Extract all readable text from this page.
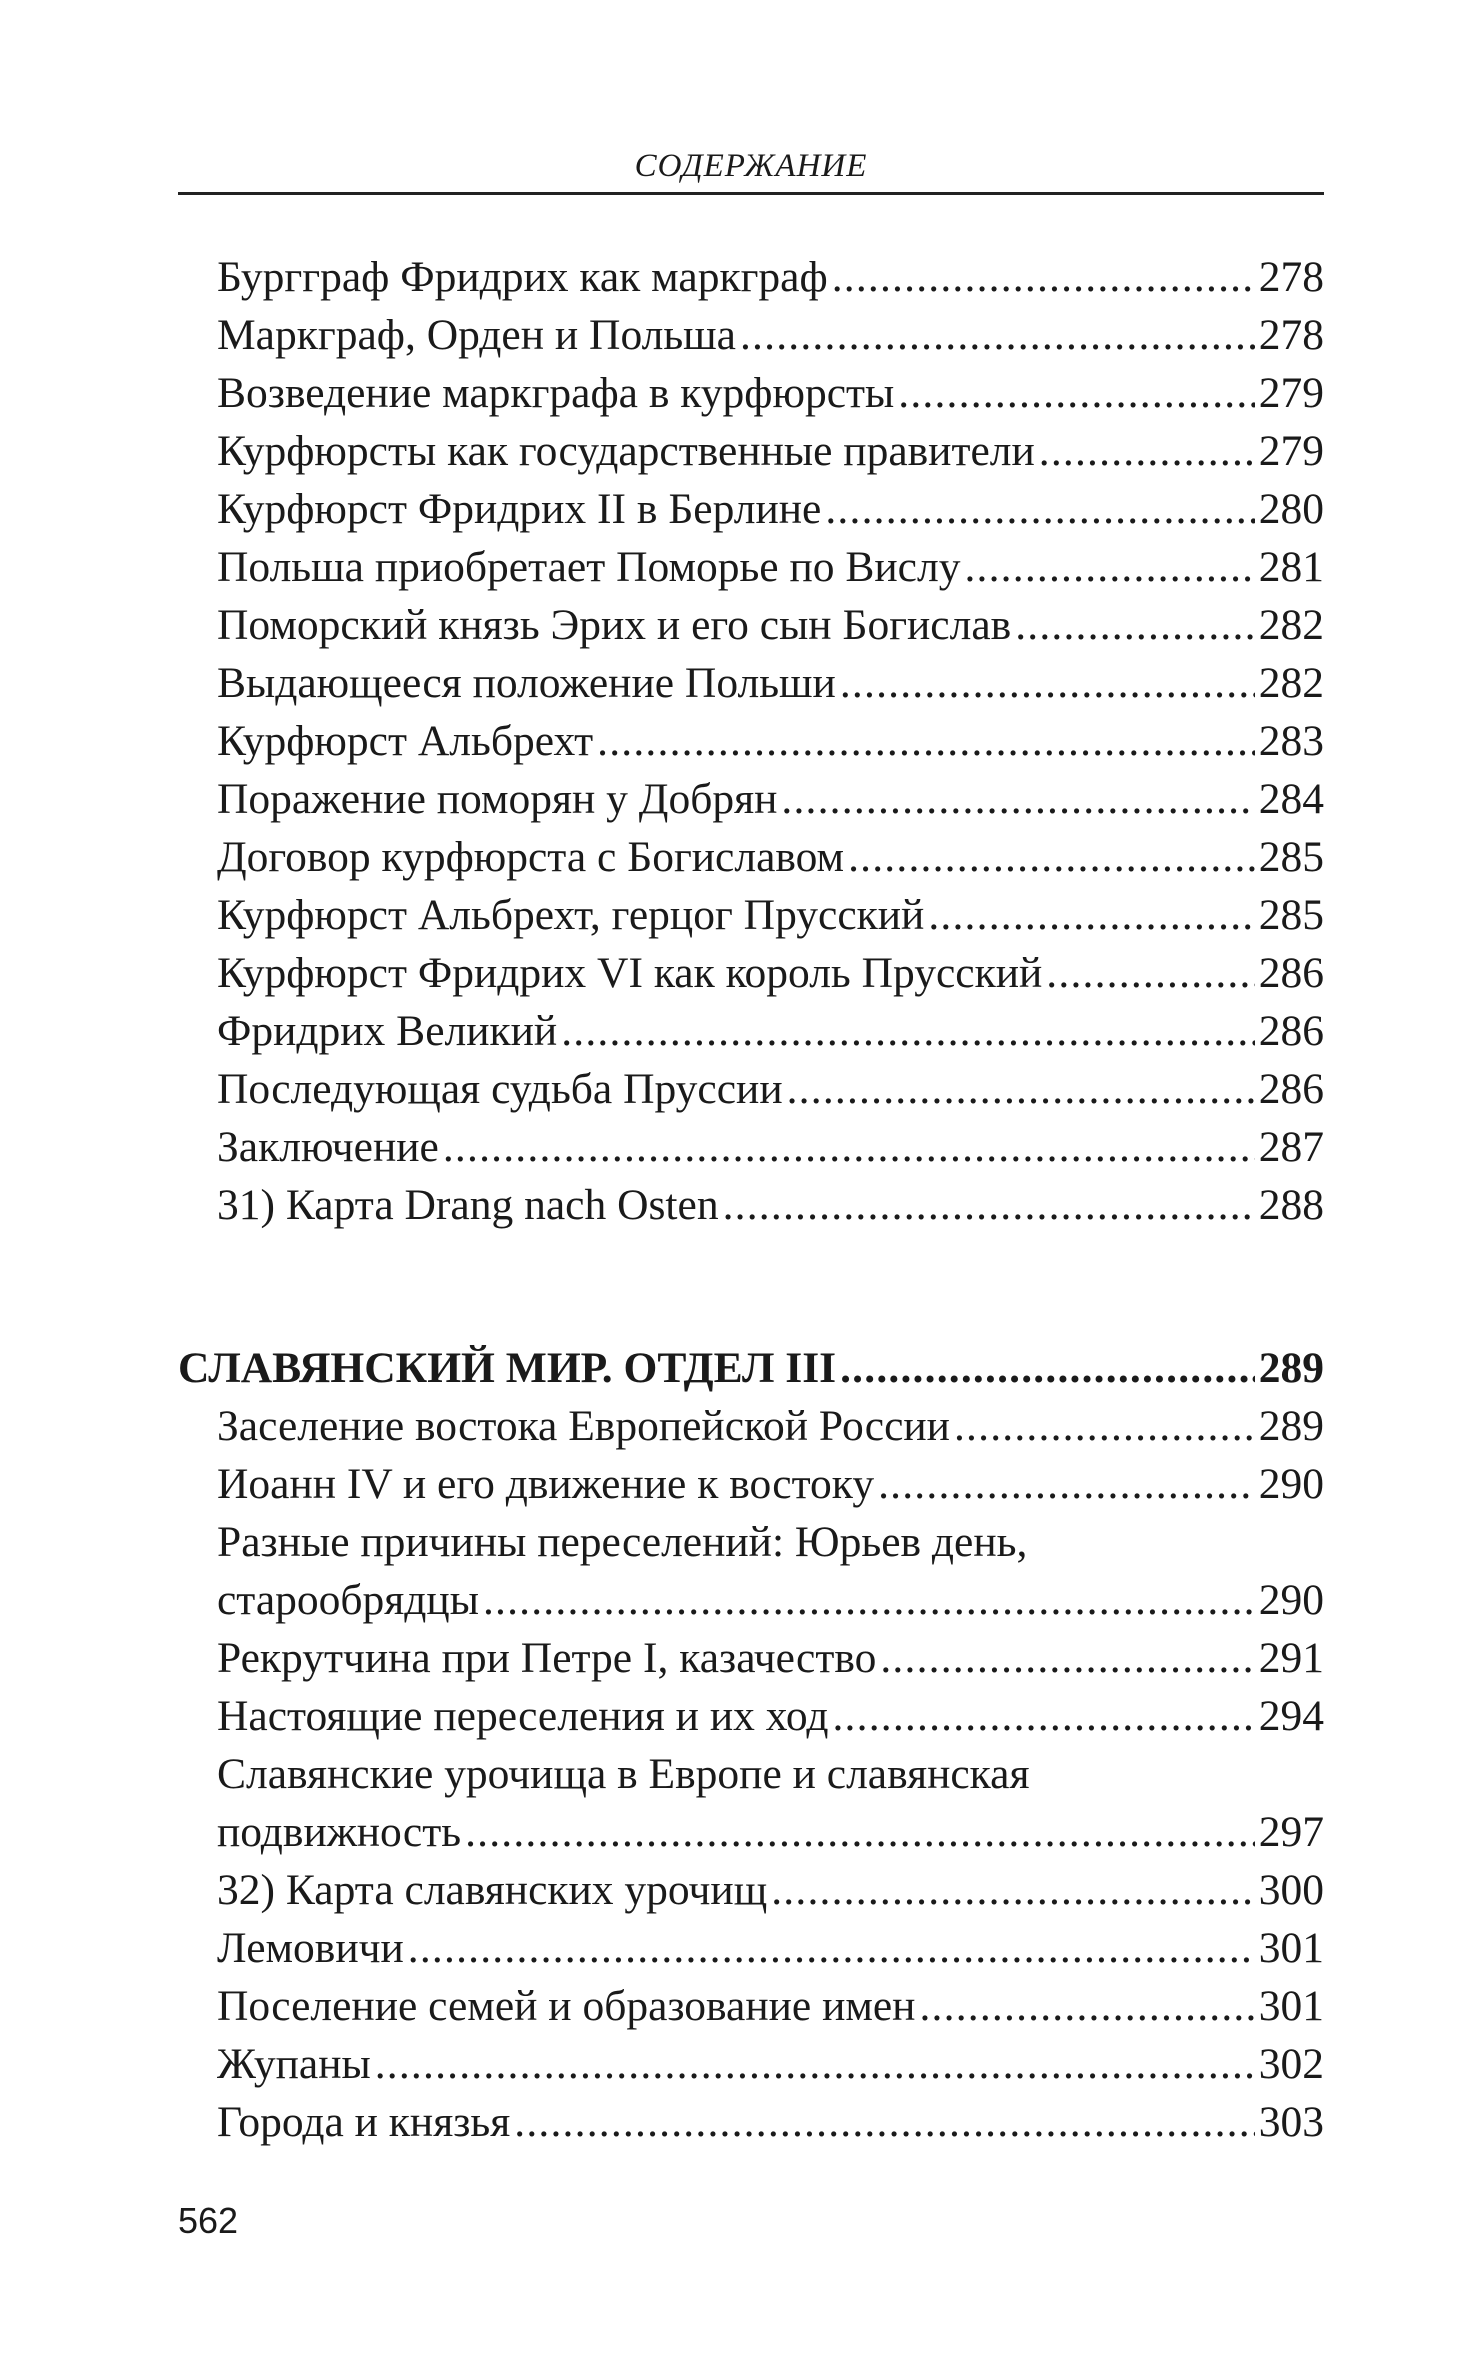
СОДЕРЖАНИЕ
Бургграф Фридрих как маркграф .....	278
Маркграф, Орден и Польша .....	278
Возведение маркграфа в курфюрсты .....	279
Курфюрсты как государственные правители .....	279
Курфюрст Фридрих II в Берлине .....	280
Польша приобретает Поморье по Вислу .....	281
Поморский князь Эрих и его сын Богислав .....	282
Выдающееся положение Польши .....	282
Курфюрст Альбрехт .....	283
Поражение поморян у Добрян .....	284
Договор курфюрста с Богиславом .....	285
Курфюрст Альбрехт, герцог Прусский .....	285
Курфюрст Фридрих VI как король Прусский .....	286
Фридрих Великий .....	286
Последующая судьба Пруссии .....	286
Заключение .....	287
31) Карта Drang nach Osten .....	288
СЛАВЯНСКИЙ МИР. ОТДЕЛ III .....	289
Заселение востока Европейской России .....	289
Иоанн IV и его движение к востоку .....	290
Разные причины переселений: Юрьев день,
старообрядцы .....	290
Рекрутчина при Петре I, казачество .....	291
Настоящие переселения и их ход .....	294
Славянские урочища в Европе и славянская
подвижность .....	297
32) Карта славянских урочищ .....	300
Лемовичи .....	301
Поселение семей и образование имен .....	301
Жупаны .....	302
Города и князья .....	303
562
